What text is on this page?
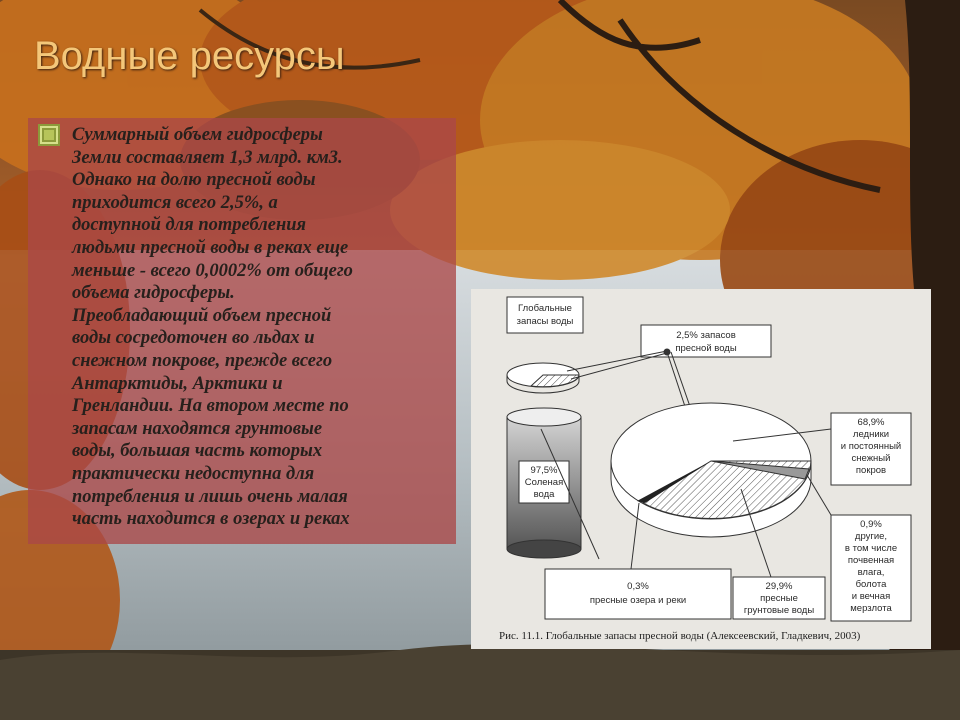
Водные ресурсы
Суммарный объем гидросферы
Земли составляет 1,3 млрд. км3.
Однако на долю пресной воды
приходится всего 2,5%, а
доступной для потребления
людьми пресной воды в реках еще
меньше - всего 0,0002% от общего
объема гидросферы.
Преобладающий объем пресной
воды сосредоточен во льдах и
снежном покрове, прежде всего
Антарктиды, Арктики и
Гренландии. На втором месте по
запасам находятся грунтовые
воды, большая часть которых
практически недоступна для
потребления и лишь очень малая
часть находится в озерах и реках
Глобальные
запасы воды
97,5%
Соленая
вода
2,5% запасов
пресной воды
68,9%
ледники
и постоянный
снежный
покров
0,9%
другие,
в том числе
почвенная
влага,
болота
и вечная
мерзлота
0,3%
пресные озера и реки
29,9%
пресные
грунтовые воды
Рис. 11.1. Глобальные запасы пресной воды (Алексеевский, Гладкевич, 2003)
